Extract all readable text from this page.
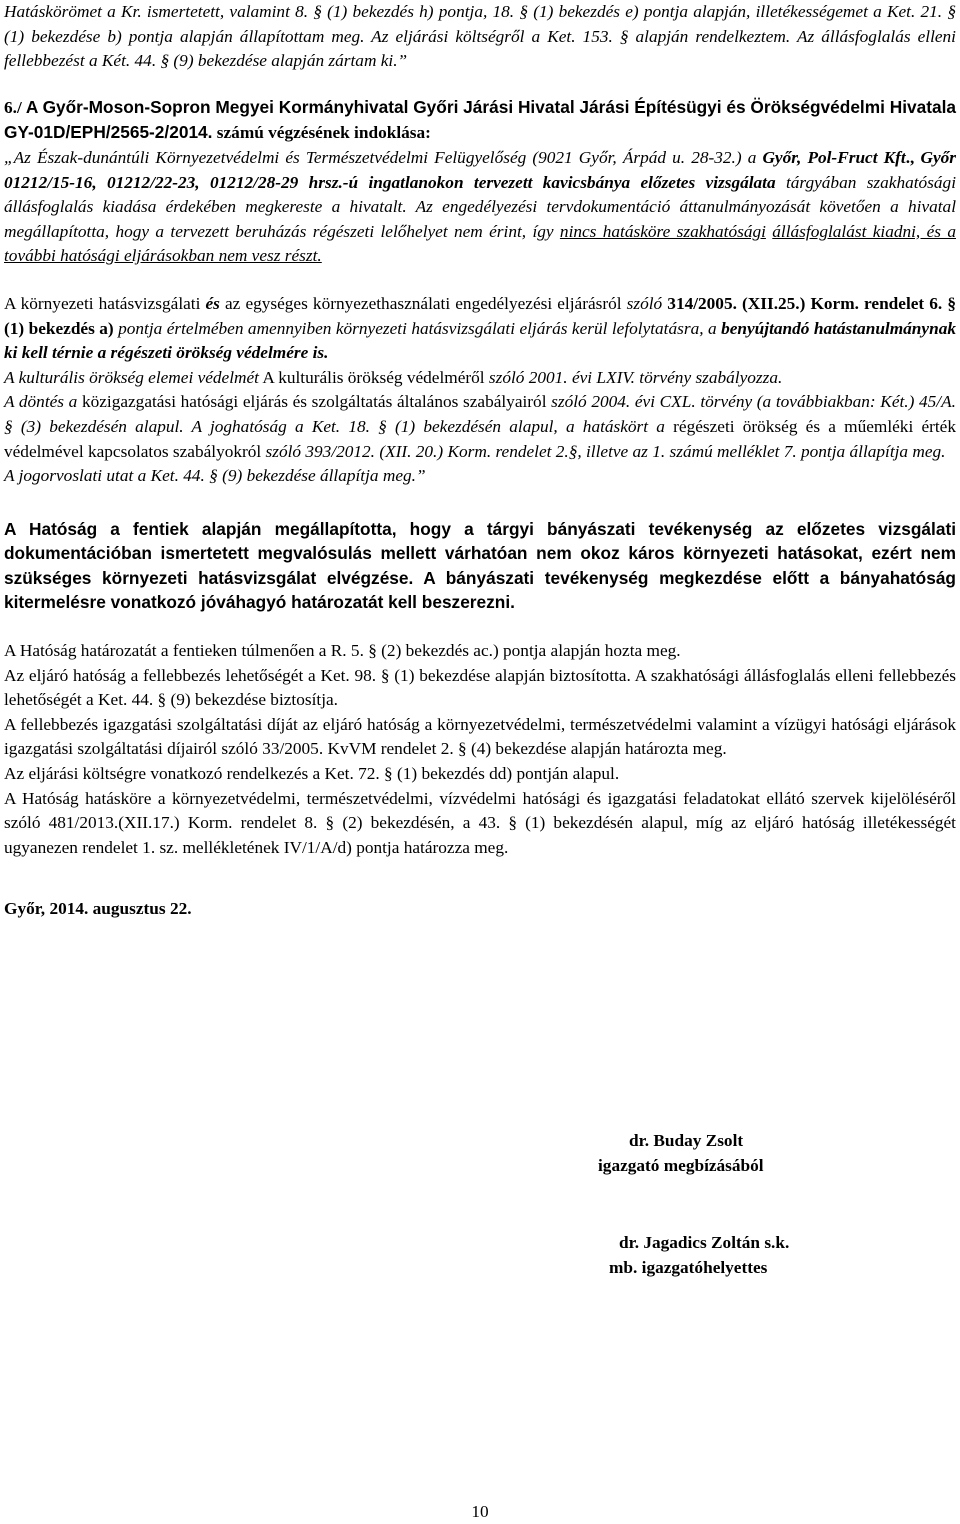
Hatáskörömet a Kr. ismertetett, valamint 8. § (1) bekezdés h) pontja, 18. § (1) bekezdés e) pontja alapján, illetékességemet a Ket. 21. § (1) bekezdése b) pontja alapján állapítottam meg. Az eljárási költségről a Ket. 153. § alapján rendelkeztem. Az állásfoglalás elleni fellebbezést a Két. 44. § (9) bekezdése alapján zártam ki.”

6./ A Győr-Moson-Sopron Megyei Kormányhivatal Győri Járási Hivatal Járási Építésügyi és Örökségvédelmi Hivatala GY-01D/EPH/2565-2/2014. számú végzésének indoklása:
„Az Észak-dunántúli Környezetvédelmi és Természetvédelmi Felügyelőség (9021 Győr, Árpád u. 28-32.) a Győr, Pol-Fruct Kft., Győr 01212/15-16, 01212/22-23, 01212/28-29 hrsz.-ú ingatlanokon tervezett kavicsbánya előzetes vizsgálata tárgyában szakhatósági állásfoglalás kiadása érdekében megkereste a hivatalt. Az engedélyezési tervdokumentáció áttanulmányozását követően a hivatal megállapította, hogy a tervezett beruházás régészeti lelőhelyet nem érint, így nincs hatásköre szakhatósági állásfoglalást kiadni, és a további hatósági eljárásokban nem vesz részt.

A környezeti hatásvizsgálati és az egységes környezethasználati engedélyezési eljárásról szóló 314/2005. (XII.25.) Korm. rendelet 6. § (1) bekezdés a) pontja értelmében amennyiben környezeti hatásvizsgálati eljárás kerül lefolytatásra, a benyújtandó hatástanulmánynak ki kell térnie a régészeti örökség védelmére is.

A kulturális örökség elemei védelmét A kulturális örökség védelméről szóló 2001. évi LXIV. törvény szabályozza.

A döntés a közigazgatási hatósági eljárás és szolgáltatás általános szabályairól szóló 2004. évi CXL. törvény (a továbbiakban: Két.) 45/A. § (3) bekezdésén alapul. A joghatóság a Ket. 18. § (1) bekezdésén alapul, a hatáskört a régészeti örökség és a műemléki érték védelmével kapcsolatos szabályokról szóló 393/2012. (XII. 20.) Korm. rendelet 2.§, illetve az 1. számú melléklet 7. pontja állapítja meg.

A jogorvoslati utat a Ket. 44. § (9) bekezdése állapítja meg.”

A Hatóság a fentiek alapján megállapította, hogy a tárgyi bányászati tevékenység az előzetes vizsgálati dokumentációban ismertetett megvalósulás mellett várhatóan nem okoz káros környezeti hatásokat, ezért nem szükséges környezeti hatásvizsgálat elvégzése. A bányászati tevékenység megkezdése előtt a bányahatóság kitermelésre vonatkozó jóváhagyó határozatát kell beszerezni.

A Hatóság határozatát a fentieken túlmenően a R. 5. § (2) bekezdés ac.) pontja alapján hozta meg.

Az eljáró hatóság a fellebbezés lehetőségét a Ket. 98. § (1) bekezdése alapján biztosította. A szakhatósági állásfoglalás elleni fellebbezés lehetőségét a Ket. 44. § (9) bekezdése biztosítja.

A fellebbezés igazgatási szolgáltatási díját az eljáró hatóság a környezetvédelmi, természetvédelmi valamint a vízügyi hatósági eljárások igazgatási szolgáltatási díjairól szóló 33/2005. KvVM rendelet 2. § (4) bekezdése alapján határozta meg.

Az eljárási költségre vonatkozó rendelkezés a Ket. 72. § (1) bekezdés dd) pontján alapul.

A Hatóság hatásköre a környezetvédelmi, természetvédelmi, vízvédelmi hatósági és igazgatási feladatokat ellátó szervek kijelöléséről szóló 481/2013.(XII.17.) Korm. rendelet 8. § (2) bekezdésén, a 43. § (1) bekezdésén alapul, míg az eljáró hatóság illetékességét ugyanezen rendelet 1. sz. mellékletének IV/1/A/d) pontja határozza meg.

Győr, 2014. augusztus 22.

dr. Buday Zsolt
igazgató megbízásából
dr. Jagadics Zoltán s.k.
mb. igazgatóhelyettes
10
